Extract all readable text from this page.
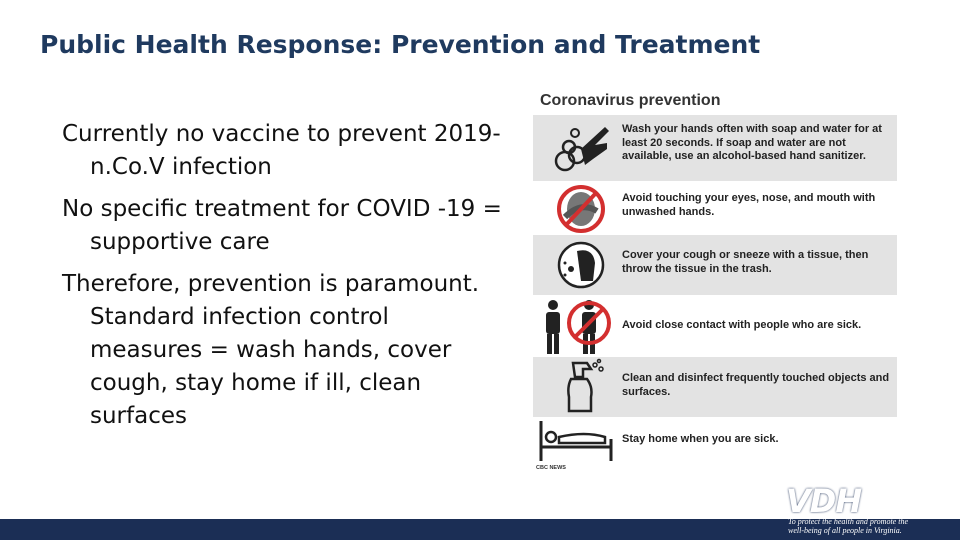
Public Health Response: Prevention and Treatment
Currently no vaccine to prevent 2019-n.Co.V infection
No specific treatment for COVID -19 = supportive care
Therefore, prevention is paramount. Standard infection control measures = wash hands, cover cough, stay home if ill, clean surfaces
Coronavirus prevention
Wash your hands often with soap and water for at least 20 seconds. If soap and water are not available, use an alcohol-based hand sanitizer.
Avoid touching your eyes, nose, and mouth with unwashed hands.
Cover your cough or sneeze with a tissue, then throw the tissue in the trash.
Avoid close contact with people who are sick.
Clean and disinfect frequently touched objects and surfaces.
Stay home when you are sick.
CBC NEWS
VDH	VIRGINIA
DEPARTMENT
OF HEALTH
To protect the health and promote the
well-being of all people in Virginia.
